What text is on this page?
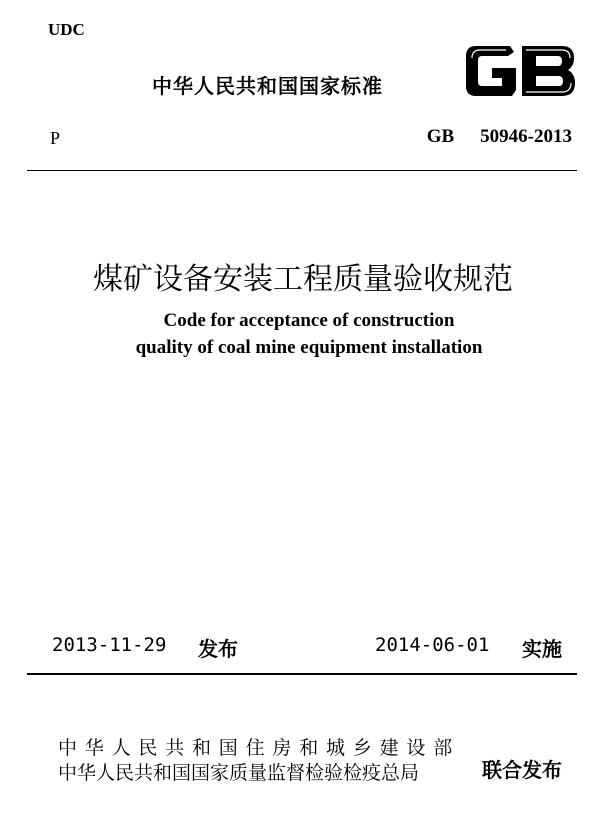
UDC
中华人民共和国国家标准
P	GB 50946-2013
煤矿设备安装工程质量验收规范
Code for acceptance of construction
quality of coal mine equipment installation
2013-11-29 发布	2014-06-01 实施
中华人民共和国住房和城乡建设部
中华人民共和国国家质量监督检验检疫总局	联合发布
